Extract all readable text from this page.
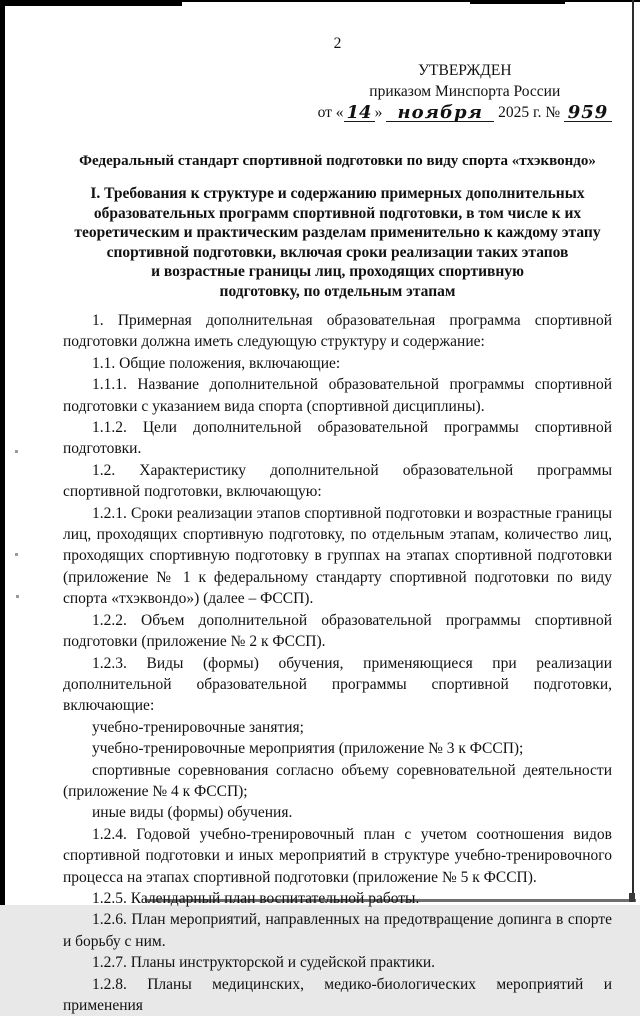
2
УТВЕРЖДЕН
приказом Минспорта России
от « 14 » ноября 2025 г. № 959
Федеральный стандарт спортивной подготовки по виду спорта «тхэквондо»
I. Требования к структуре и содержанию примерных дополнительных
образовательных программ спортивной подготовки, в том числе к их
теоретическим и практическим разделам применительно к каждому этапу
спортивной подготовки, включая сроки реализации таких этапов
и возрастные границы лиц, проходящих спортивную
подготовку, по отдельным этапам

1. Примерная дополнительная образовательная программа спортивной подготовки должна иметь следующую структуру и содержание:

1.1. Общие положения, включающие:

1.1.1. Название дополнительной образовательной программы спортивной подготовки с указанием вида спорта (спортивной дисциплины).

1.1.2. Цели дополнительной образовательной программы спортивной подготовки.

1.2. Характеристику дополнительной образовательной программы спортивной подготовки, включающую:

1.2.1. Сроки реализации этапов спортивной подготовки и возрастные границы лиц, проходящих спортивную подготовку, по отдельным этапам, количество лиц, проходящих спортивную подготовку в группах на этапах спортивной подготовки (приложение № 1 к федеральному стандарту спортивной подготовки по виду спорта «тхэквондо») (далее – ФССП).

1.2.2. Объем дополнительной образовательной программы спортивной подготовки (приложение № 2 к ФССП).

1.2.3. Виды (формы) обучения, применяющиеся при реализации дополнительной образовательной программы спортивной подготовки, включающие:

учебно-тренировочные занятия;

учебно-тренировочные мероприятия (приложение № 3 к ФССП);

спортивные соревнования согласно объему соревновательной деятельности (приложение № 4 к ФССП);

иные виды (формы) обучения.

1.2.4. Годовой учебно-тренировочный план с учетом соотношения видов спортивной подготовки и иных мероприятий в структуре учебно-тренировочного процесса на этапах спортивной подготовки (приложение № 5 к ФССП).

1.2.5. Календарный план воспитательной работы.

1.2.6. План мероприятий, направленных на предотвращение допинга в спорте и борьбу с ним.

1.2.7. Планы инструкторской и судейской практики.

1.2.8. Планы медицинских, медико-биологических мероприятий и применения
